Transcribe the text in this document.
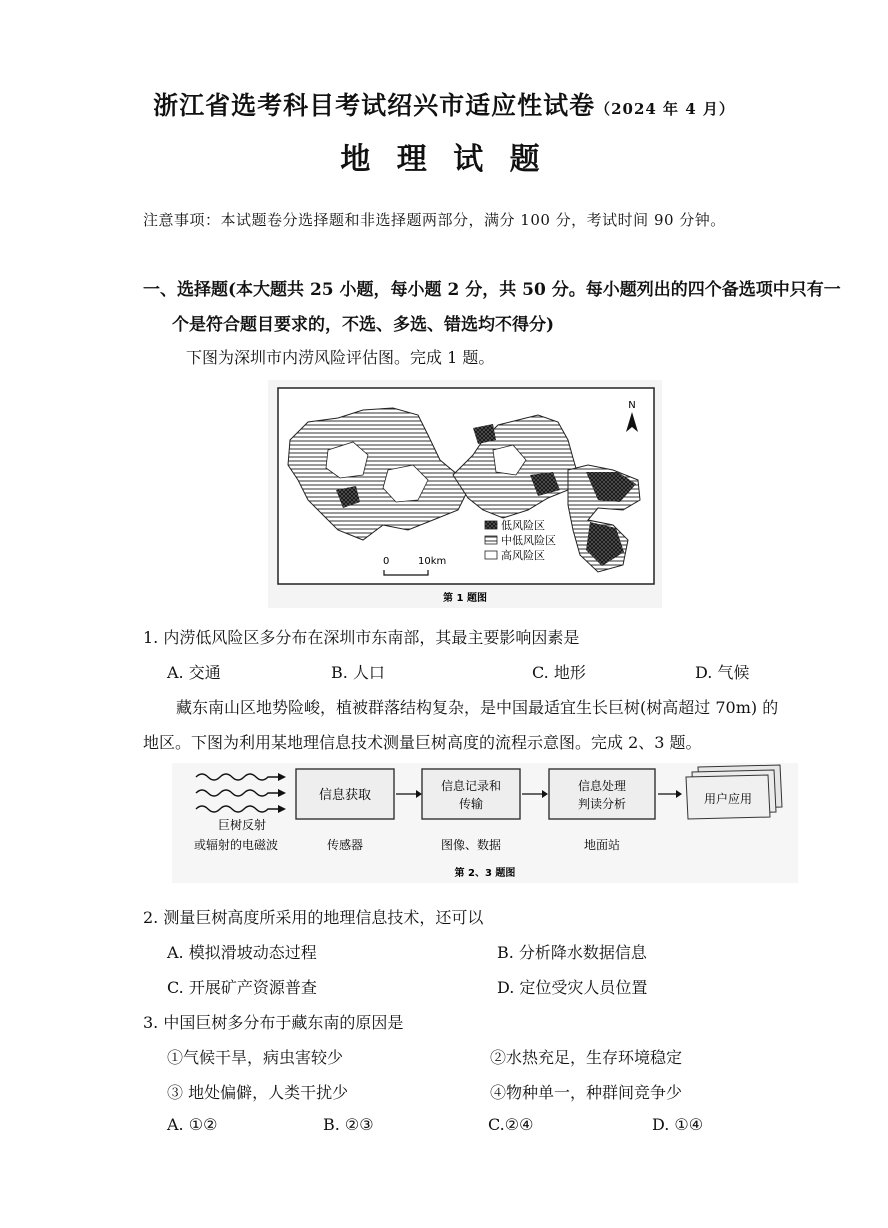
浙江省选考科目考试绍兴市适应性试卷（2024 年 4 月）
地 理 试 题
注意事项：本试题卷分选择题和非选择题两部分，满分 100 分，考试时间 90 分钟。
一、选择题(本大题共 25 小题，每小题 2 分，共 50 分。每小题列出的四个备选项中只有一
个是符合题目要求的，不选、多选、错选均不得分)
下图为深圳市内涝风险评估图。完成 1 题。
N
0	10km
低风险区
中低风险区
高风险区
第 1 题图
1. 内涝低风险区多分布在深圳市东南部，其最主要影响因素是
A. 交通	B. 人口	C. 地形	D. 气候
藏东南山区地势险峻，植被群落结构复杂，是中国最适宜生长巨树(树高超过 70m) 的
地区。下图为利用某地理信息技术测量巨树高度的流程示意图。完成 2、3 题。
巨树反射
或辐射的电磁波
信息获取
传感器
信息记录和
传输
图像、数据
信息处理
判读分析
地面站
用户应用
第 2、3 题图
2. 测量巨树高度所采用的地理信息技术，还可以
A. 模拟滑坡动态过程	B. 分析降水数据信息
C. 开展矿产资源普查	D. 定位受灾人员位置
3. 中国巨树多分布于藏东南的原因是
①气候干旱，病虫害较少	②水热充足，生存环境稳定
③ 地处偏僻，人类干扰少	④物种单一，种群间竞争少
A. ①②	B. ②③	C.②④	D. ①④
